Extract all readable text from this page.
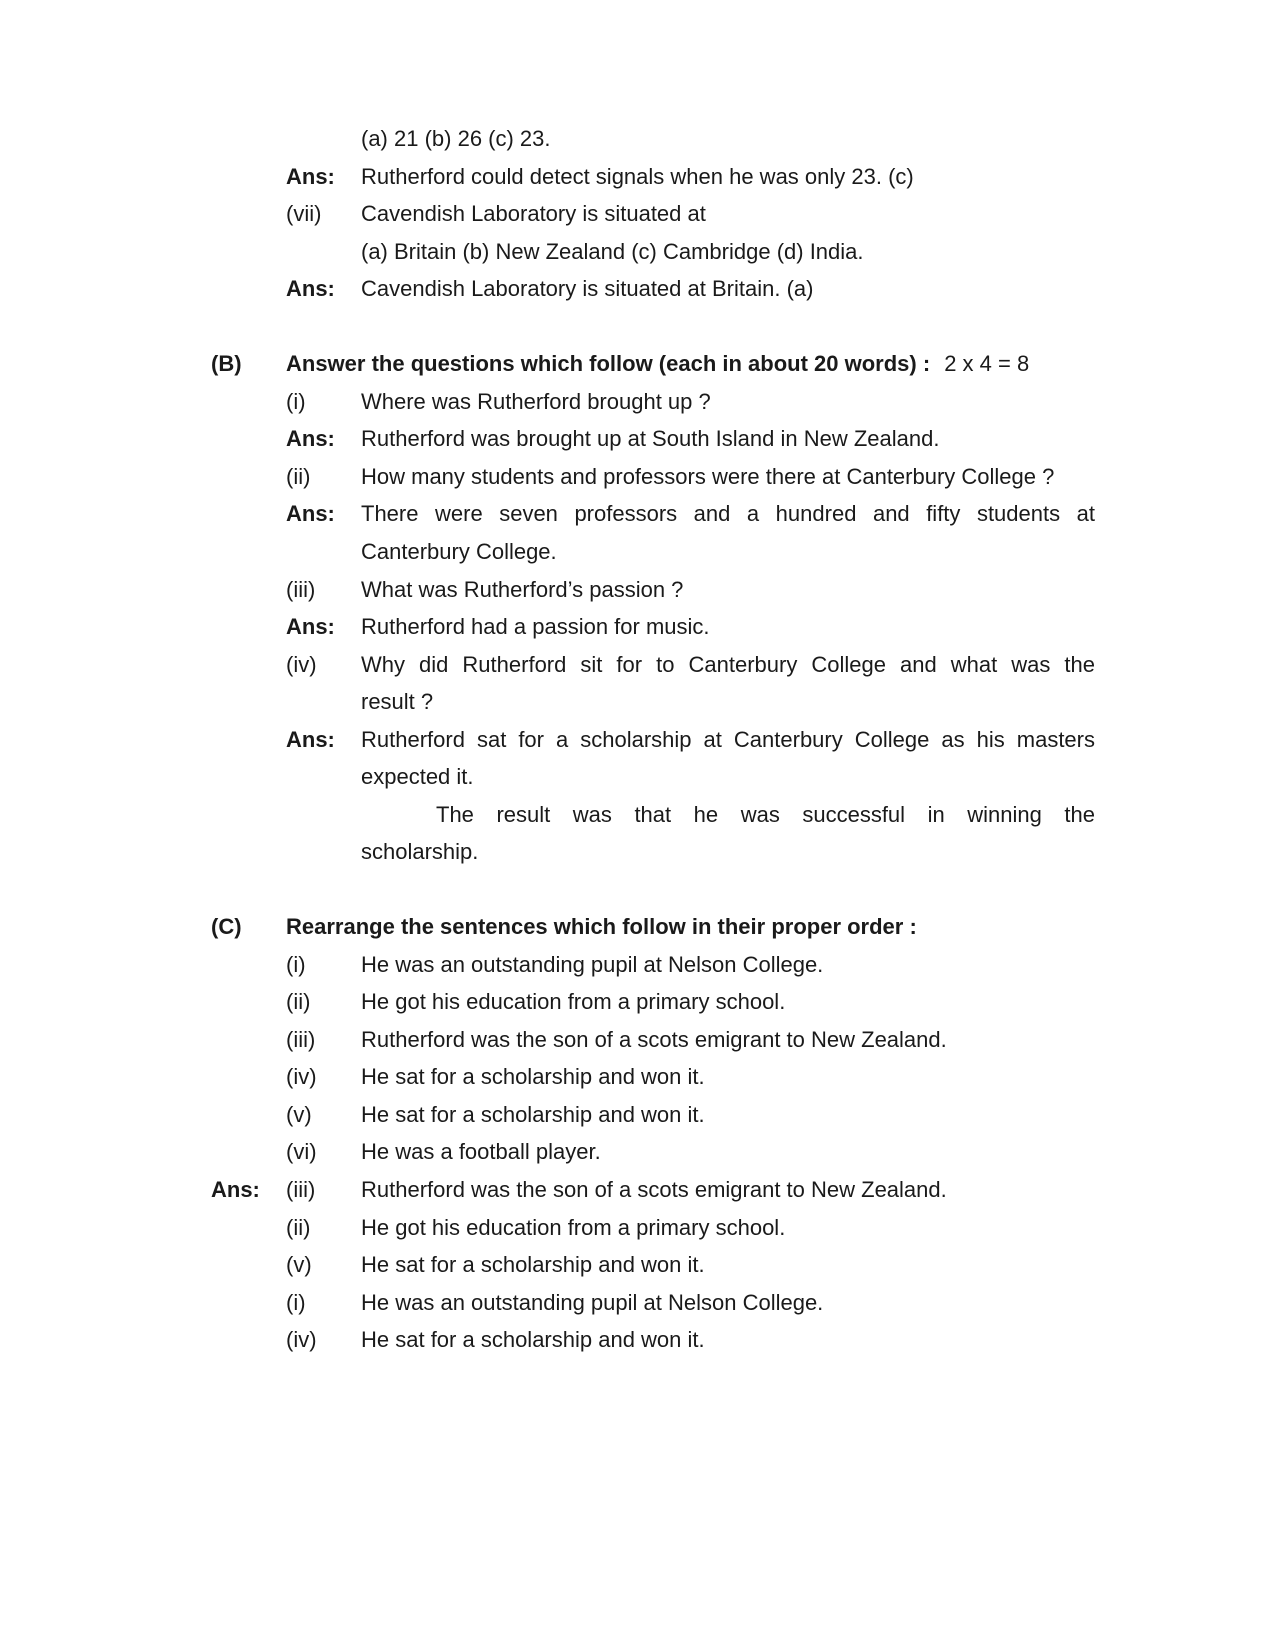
(a) 21 (b) 26 (c) 23.
Ans: Rutherford could detect signals when he was only 23. (c)
(vii) Cavendish Laboratory is situated at
(a) Britain (b) New Zealand (c) Cambridge (d) India.
Ans: Cavendish Laboratory is situated at Britain. (a)
(B) Answer the questions which follow (each in about 20 words) : 2 x 4 = 8
(i)	Where was Rutherford brought up ?
Ans: Rutherford was brought up at South Island in New Zealand.
(ii) How many students and professors were there at Canterbury College ?
Ans: There were seven professors and a hundred and fifty students at
Canterbury College.
(iii) What was Rutherford’s passion ?
Ans: Rutherford had a passion for music.
(iv) Why did Rutherford sit for to Canterbury College and what was the
result ?
Ans: Rutherford sat for a scholarship at Canterbury College as his masters
expected it.
The result was that he was successful in winning the
scholarship.
(C) Rearrange the sentences which follow in their proper order :
(i)	He was an outstanding pupil at Nelson College.
(ii) He got his education from a primary school.
(iii) Rutherford was the son of a scots emigrant to New Zealand.
(iv) He sat for a scholarship and won it.
(v) He sat for a scholarship and won it.
(vi) He was a football player.
Ans: (iii) Rutherford was the son of a scots emigrant to New Zealand.
(ii) He got his education from a primary school.
(v) He sat for a scholarship and won it.
(i)	He was an outstanding pupil at Nelson College.
(iv) He sat for a scholarship and won it.
